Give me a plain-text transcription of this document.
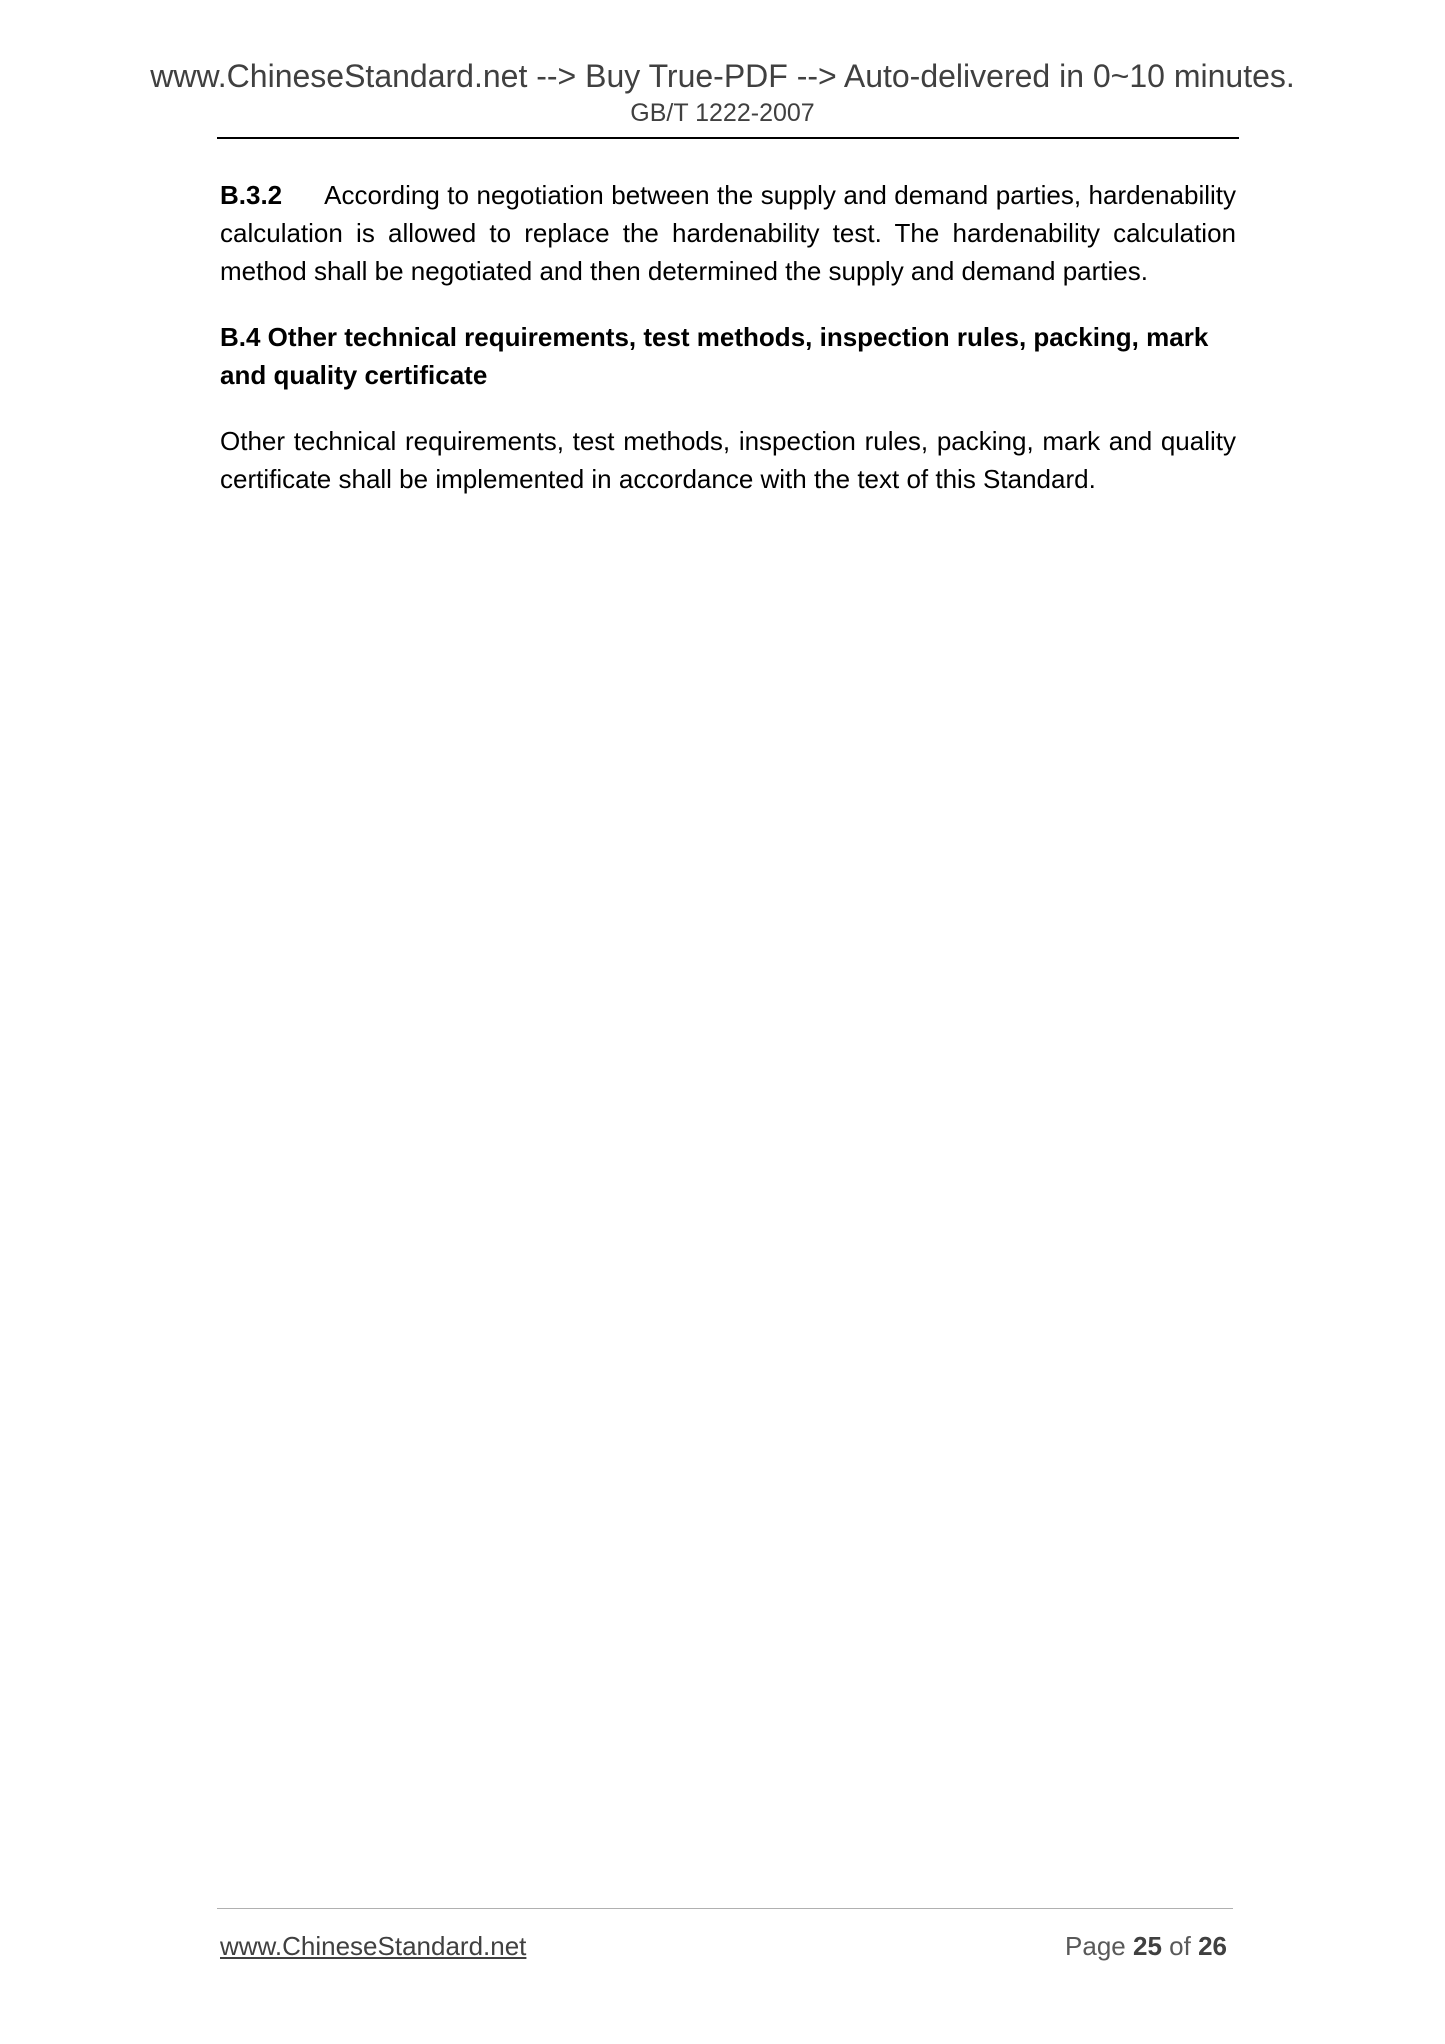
www.ChineseStandard.net --> Buy True-PDF --> Auto-delivered in 0~10 minutes.
GB/T 1222-2007

B.3.2 According to negotiation between the supply and demand parties, hardenability calculation is allowed to replace the hardenability test. The hardenability calculation method shall be negotiated and then determined the supply and demand parties.

B.4 Other technical requirements, test methods, inspection rules, packing, mark and quality certificate

Other technical requirements, test methods, inspection rules, packing, mark and quality certificate shall be implemented in accordance with the text of this Standard.

www.ChineseStandard.net	Page 25 of 26
